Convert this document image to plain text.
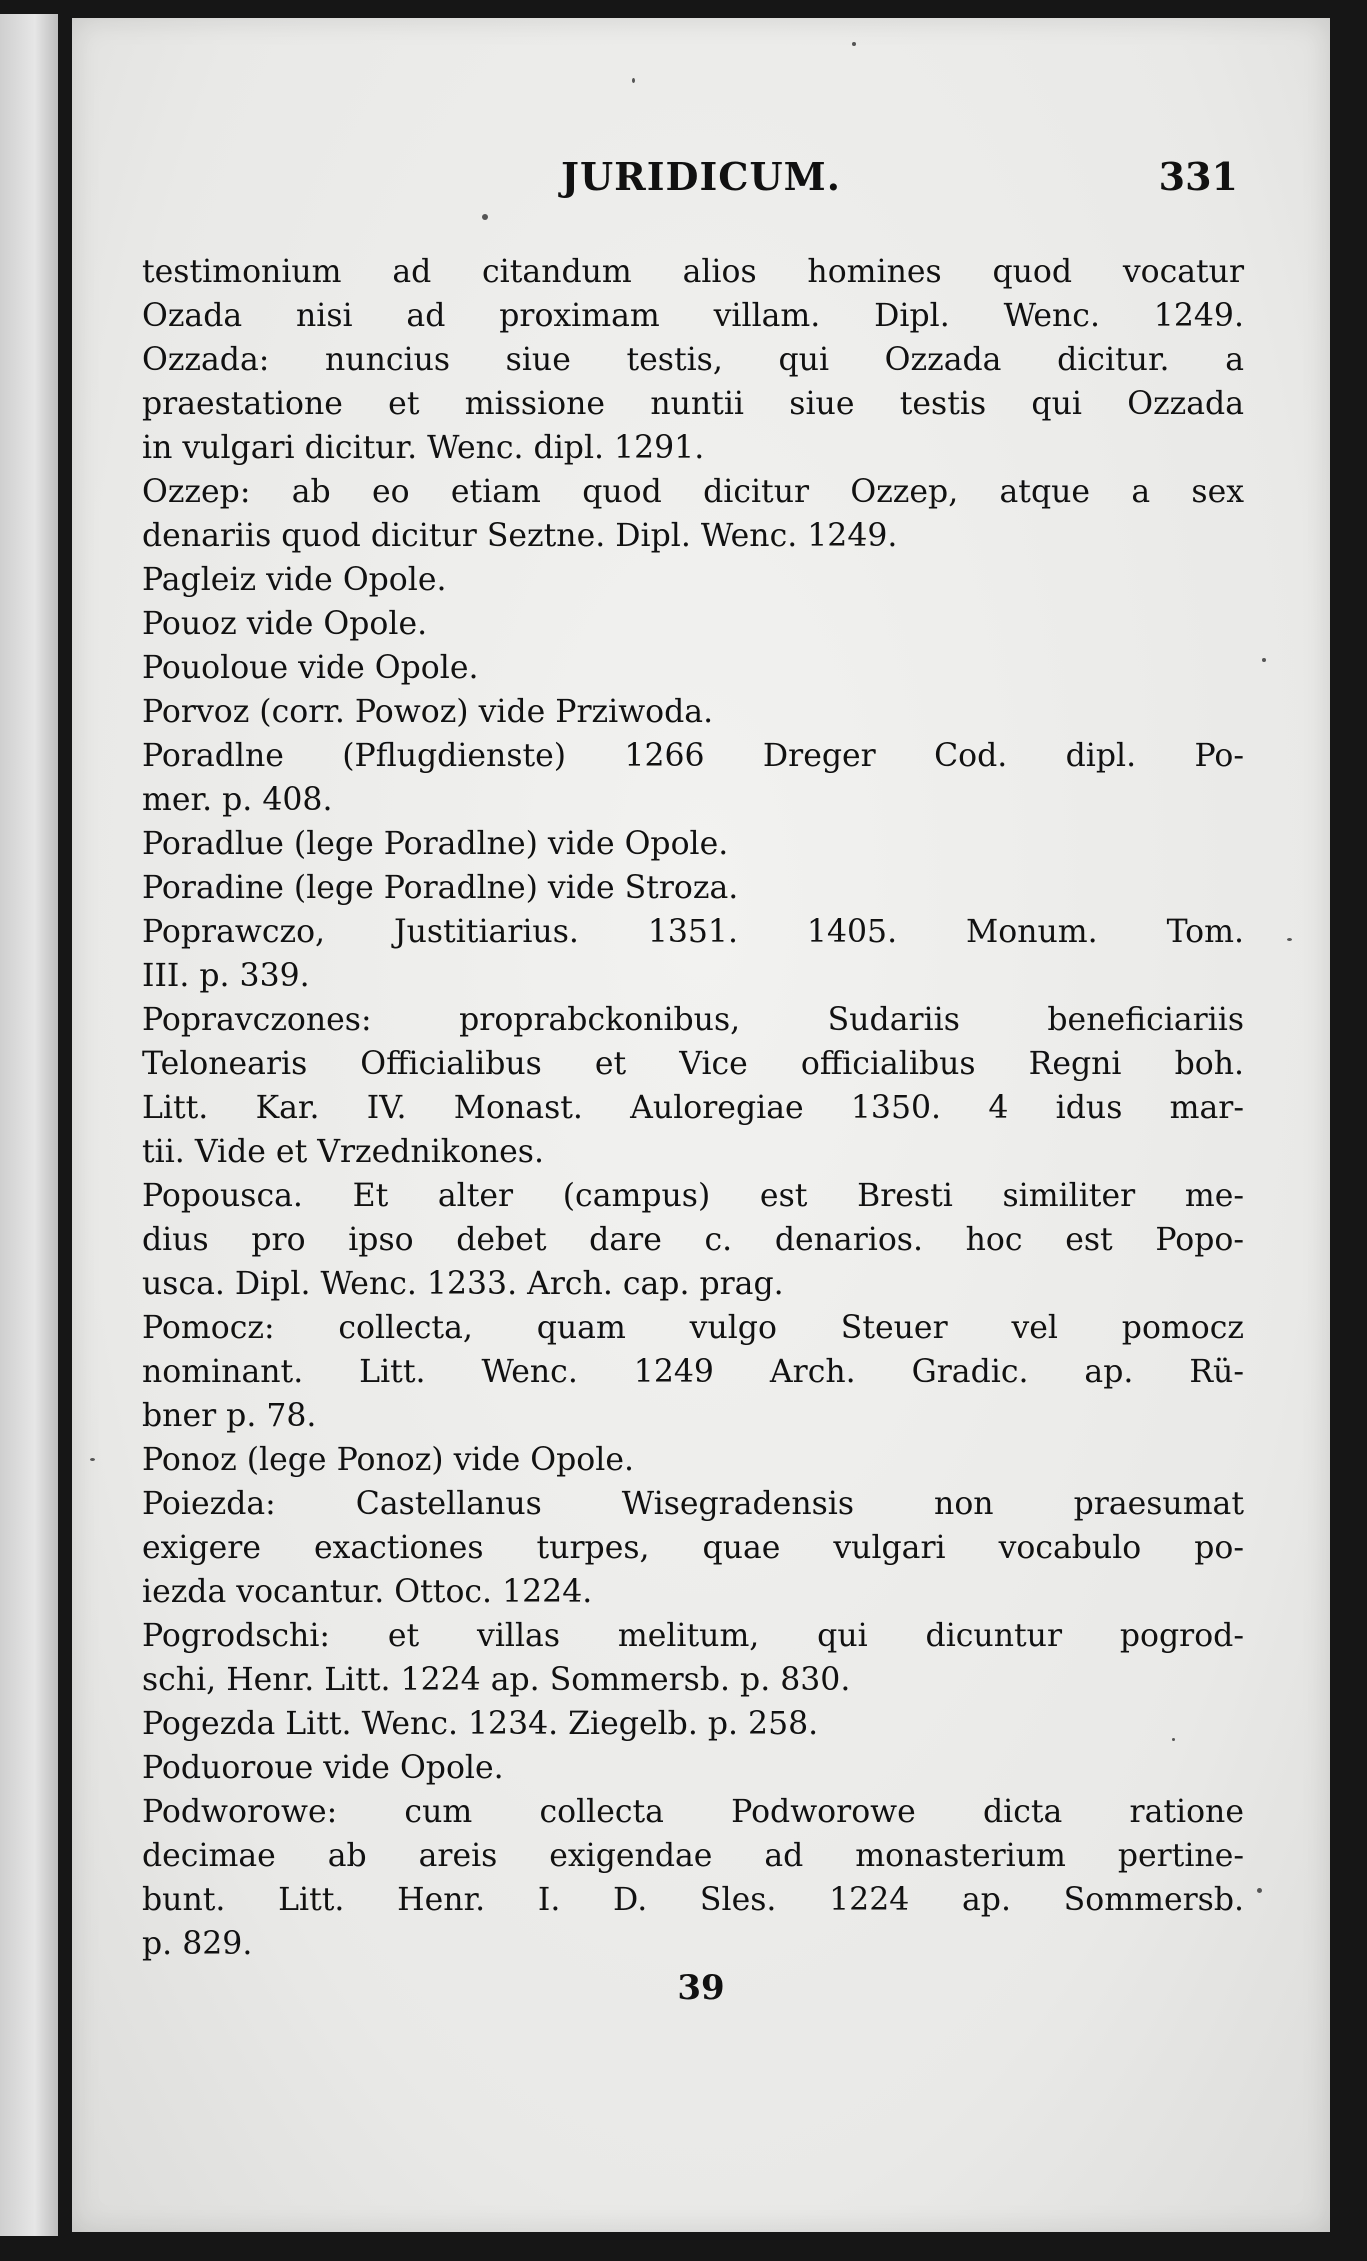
JURIDICUM.	331
testimonium ad citandum alios homines quod vocatur
Ozada nisi ad proximam villam. Dipl. Wenc. 1249.
Ozzada: nuncius siue testis, qui Ozzada dicitur. a
praestatione et missione nuntii siue testis qui Ozzada
in vulgari dicitur. Wenc. dipl. 1291.
Ozzep: ab eo etiam quod dicitur Ozzep, atque a sex
denariis quod dicitur Seztne. Dipl. Wenc. 1249.
Pagleiz vide Opole.
Pouoz vide Opole.
Pouoloue vide Opole.
Porvoz (corr. Powoz) vide Prziwoda.
Poradlne (Pflugdienste) 1266 Dreger Cod. dipl. Po-
mer. p. 408.
Poradlue (lege Poradlne) vide Opole.
Poradine (lege Poradlne) vide Stroza.
Poprawczo, Justitiarius. 1351. 1405. Monum. Tom.
III. p. 339.
Popravczones: proprabckonibus, Sudariis beneficiariis
Telonearis Officialibus et Vice officialibus Regni boh.
Litt. Kar. IV. Monast. Auloregiae 1350. 4 idus mar-
tii. Vide et Vrzednikones.
Popousca. Et alter (campus) est Bresti similiter me-
dius pro ipso debet dare c. denarios. hoc est Popo-
usca. Dipl. Wenc. 1233. Arch. cap. prag.
Pomocz: collecta, quam vulgo Steuer vel pomocz
nominant. Litt. Wenc. 1249 Arch. Gradic. ap. Rü-
bner p. 78.
Ponoz (lege Ponoz) vide Opole.
Poiezda: Castellanus Wisegradensis non praesumat
exigere exactiones turpes, quae vulgari vocabulo po-
iezda vocantur. Ottoc. 1224.
Pogrodschi: et villas melitum, qui dicuntur pogrod-
schi, Henr. Litt. 1224 ap. Sommersb. p. 830.
Pogezda Litt. Wenc. 1234. Ziegelb. p. 258.
Poduoroue vide Opole.
Podworowe: cum collecta Podworowe dicta ratione
decimae ab areis exigendae ad monasterium pertine-
bunt. Litt. Henr. I. D. Sles. 1224 ap. Sommersb.
p. 829.
39
